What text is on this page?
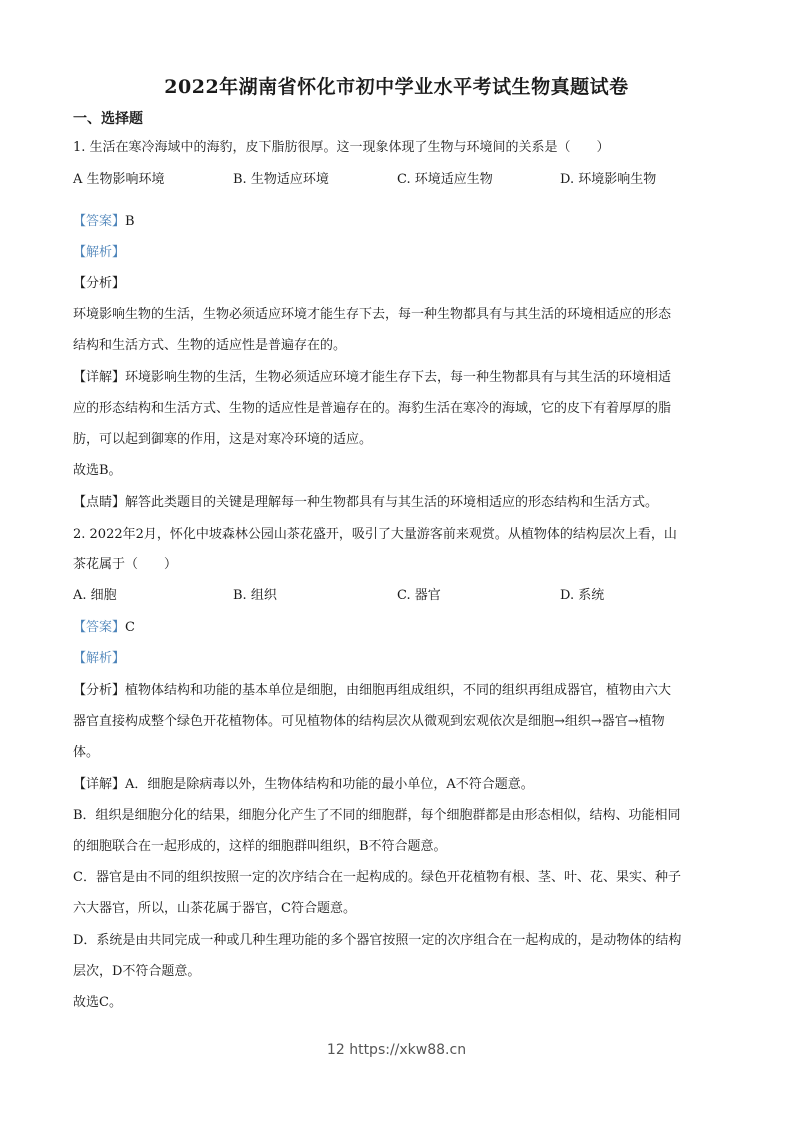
2022年湖南省怀化市初中学业水平考试生物真题试卷
一、选择题
1. 生活在寒冷海域中的海豹，皮下脂肪很厚。这一现象体现了生物与环境间的关系是（　　）
A 生物影响环境	B. 生物适应环境	C. 环境适应生物	D. 环境影响生物
【答案】B
【解析】
【分析】
环境影响生物的生活，生物必须适应环境才能生存下去，每一种生物都具有与其生活的环境相适应的形态
结构和生活方式、生物的适应性是普遍存在的。
【详解】环境影响生物的生活，生物必须适应环境才能生存下去，每一种生物都具有与其生活的环境相适
应的形态结构和生活方式、生物的适应性是普遍存在的。海豹生活在寒冷的海域，它的皮下有着厚厚的脂
肪，可以起到御寒的作用，这是对寒冷环境的适应。
故选B。
【点睛】解答此类题目的关键是理解每一种生物都具有与其生活的环境相适应的形态结构和生活方式。
2. 2022年2月，怀化中坡森林公园山茶花盛开，吸引了大量游客前来观赏。从植物体的结构层次上看，山
茶花属于（　　）
A. 细胞	B. 组织	C. 器官	D. 系统
【答案】C
【解析】
【分析】植物体结构和功能的基本单位是细胞，由细胞再组成组织，不同的组织再组成器官，植物由六大
器官直接构成整个绿色开花植物体。可见植物体的结构层次从微观到宏观依次是细胞→组织→器官→植物
体。
【详解】A．细胞是除病毒以外，生物体结构和功能的最小单位，A不符合题意。
B．组织是细胞分化的结果，细胞分化产生了不同的细胞群，每个细胞群都是由形态相似，结构、功能相同
的细胞联合在一起形成的，这样的细胞群叫组织，B不符合题意。
C．器官是由不同的组织按照一定的次序结合在一起构成的。绿色开花植物有根、茎、叶、花、果实、种子
六大器官，所以，山茶花属于器官，C符合题意。
D．系统是由共同完成一种或几种生理功能的多个器官按照一定的次序组合在一起构成的，是动物体的结构
层次，D不符合题意。
故选C。
12 https://xkw88.cn
